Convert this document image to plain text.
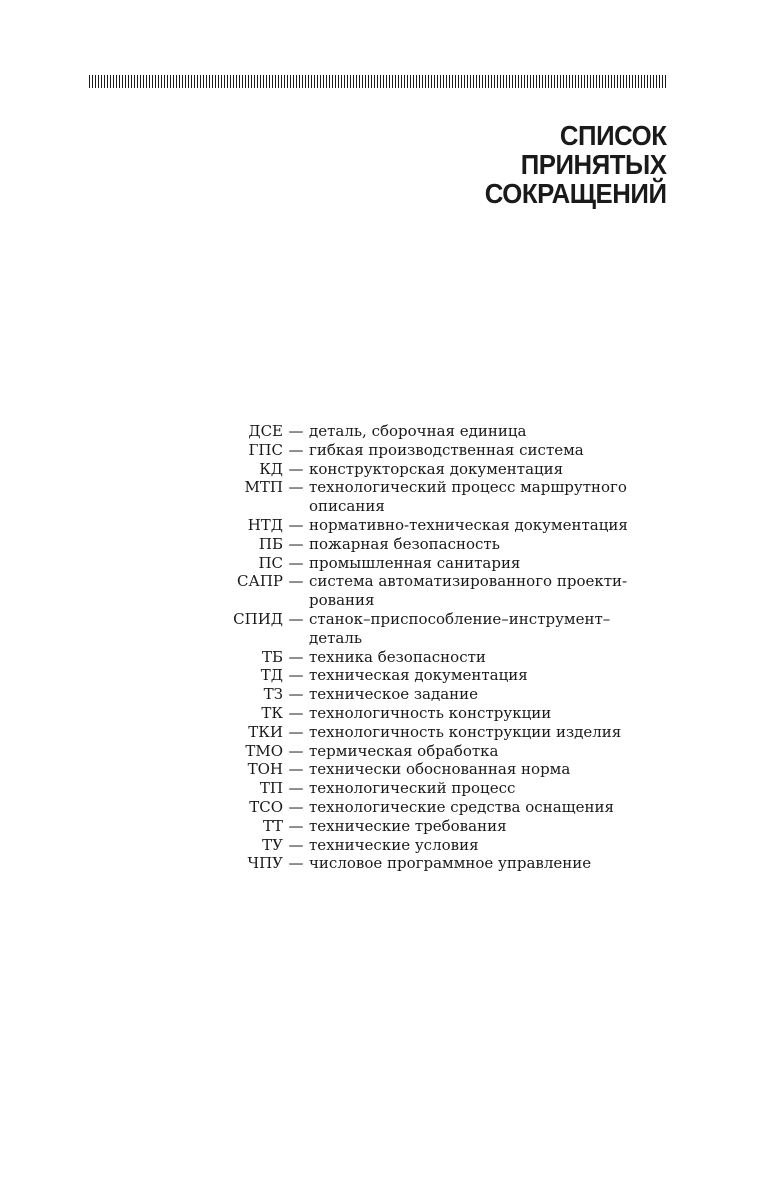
СПИСОК
ПРИНЯТЫХ
СОКРАЩЕНИЙ
ДСЕ — деталь, сборочная единица
ГПС — гибкая производственная система
КД — конструкторская документация
МТП — технологический процесс маршрутного
описания
НТД — нормативно-техническая документация
ПБ — пожарная безопасность
ПС — промышленная санитария
САПР — система автоматизированного проекти-
рования
СПИД — станок–приспособление–инструмент–
деталь
ТБ — техника безопасности
ТД — техническая документация
ТЗ — техническое задание
ТК — технологичность конструкции
ТКИ — технологичность конструкции изделия
ТМО — термическая обработка
ТОН — технически обоснованная норма
ТП — технологический процесс
ТСО — технологические средства оснащения
ТТ — технические требования
ТУ — технические условия
ЧПУ — числовое программное управление
